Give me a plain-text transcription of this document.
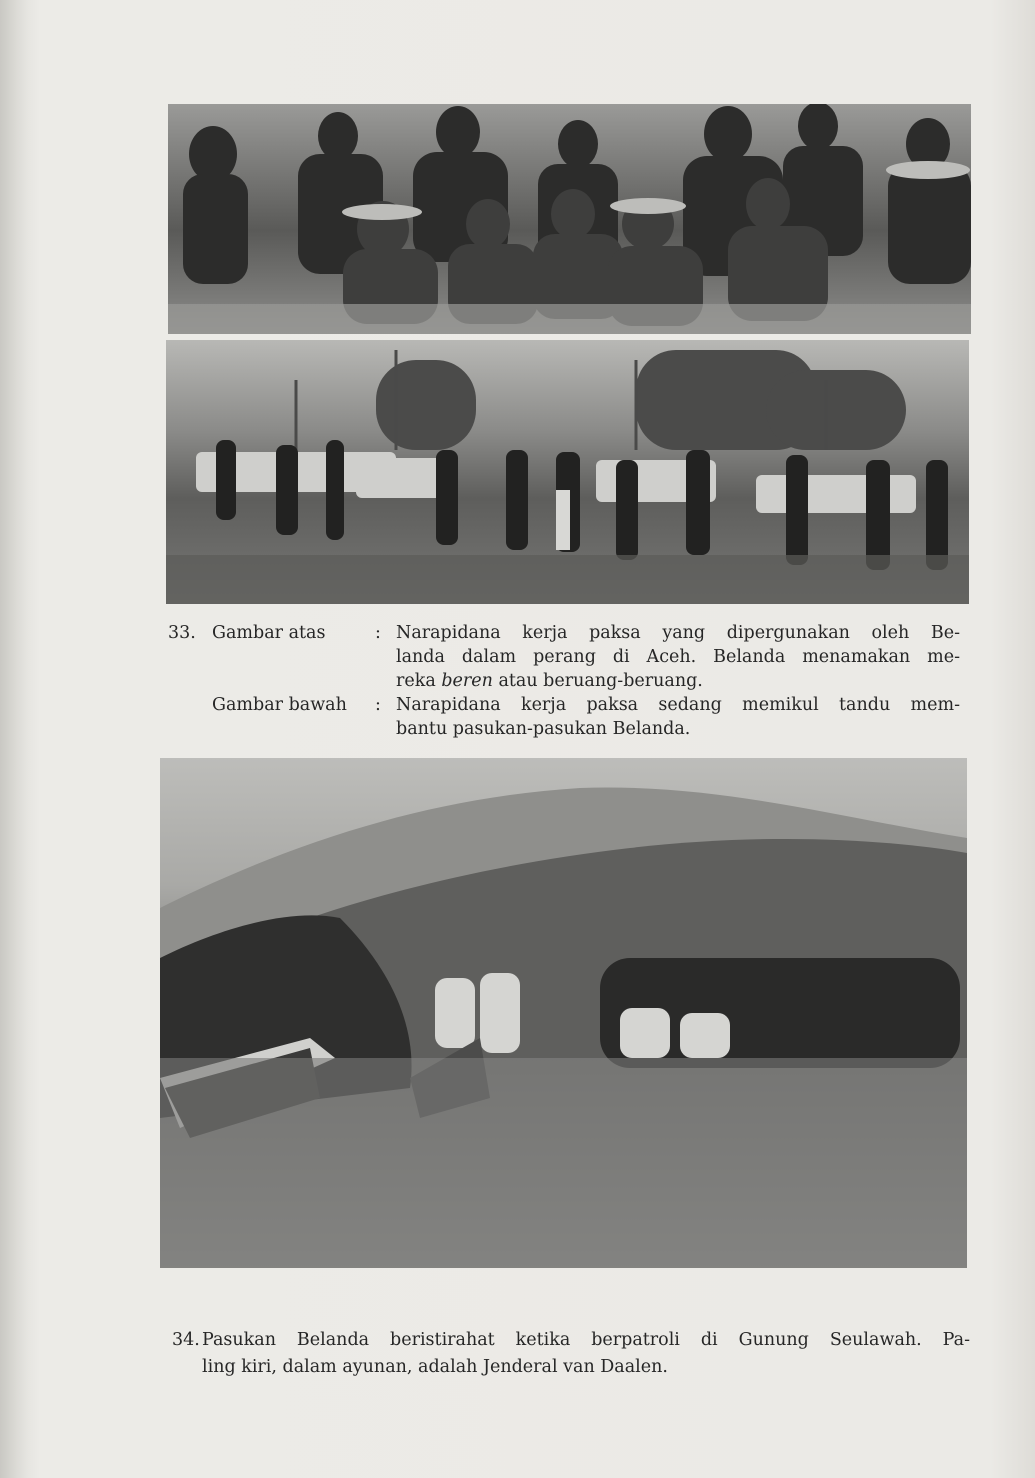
33. Gambar atas	: Narapidana kerja paksa yang dipergunakan oleh Be-
landa dalam perang di Aceh. Belanda menamakan me-
reka beren atau beruang-beruang.
Gambar bawah : Narapidana kerja paksa sedang memikul tandu mem-
bantu pasukan-pasukan Belanda.
34. Pasukan Belanda beristirahat ketika berpatroli di Gunung Seulawah. Pa-
ling kiri, dalam ayunan, adalah Jenderal van Daalen.
